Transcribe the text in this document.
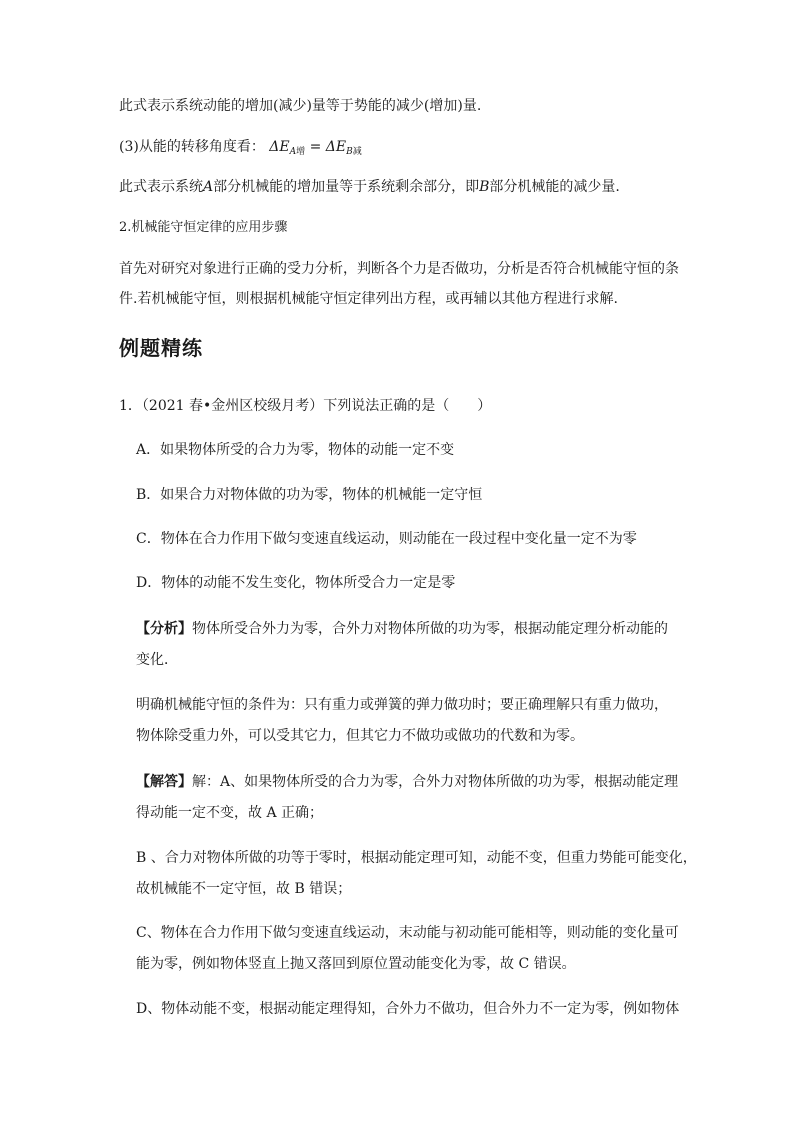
此式表示系统动能的增加(减少)量等于势能的减少(增加)量.
(3)从能的转移角度看： $\Delta E_{A增} = \Delta E_{B减}$
此式表示系统A部分机械能的增加量等于系统剩余部分，即B部分机械能的减少量.
2.机械能守恒定律的应用步骤
首先对研究对象进行正确的受力分析，判断各个力是否做功，分析是否符合机械能守恒的条
件.若机械能守恒，则根据机械能守恒定律列出方程，或再辅以其他方程进行求解.
例题精练
1．（2021 春•金州区校级月考）下列说法正确的是（　　）
A．如果物体所受的合力为零，物体的动能一定不变
B．如果合力对物体做的功为零，物体的机械能一定守恒
C．物体在合力作用下做匀变速直线运动，则动能在一段过程中变化量一定不为零
D．物体的动能不发生变化，物体所受合力一定是零
【分析】物体所受合外力为零，合外力对物体所做的功为零，根据动能定理分析动能的
变化．
明确机械能守恒的条件为：只有重力或弹簧的弹力做功时；要正确理解只有重力做功，
物体除受重力外，可以受其它力，但其它力不做功或做功的代数和为零。
【解答】解：A、如果物体所受的合力为零，合外力对物体所做的功为零，根据动能定理
得动能一定不变，故 A 正确；
B 、合力对物体所做的功等于零时，根据动能定理可知，动能不变，但重力势能可能变化，
故机械能不一定守恒，故 B 错误；
C、物体在合力作用下做匀变速直线运动，末动能与初动能可能相等，则动能的变化量可
能为零，例如物体竖直上抛又落回到原位置动能变化为零，故 C 错误。
D、物体动能不变，根据动能定理得知，合外力不做功，但合外力不一定为零，例如物体
